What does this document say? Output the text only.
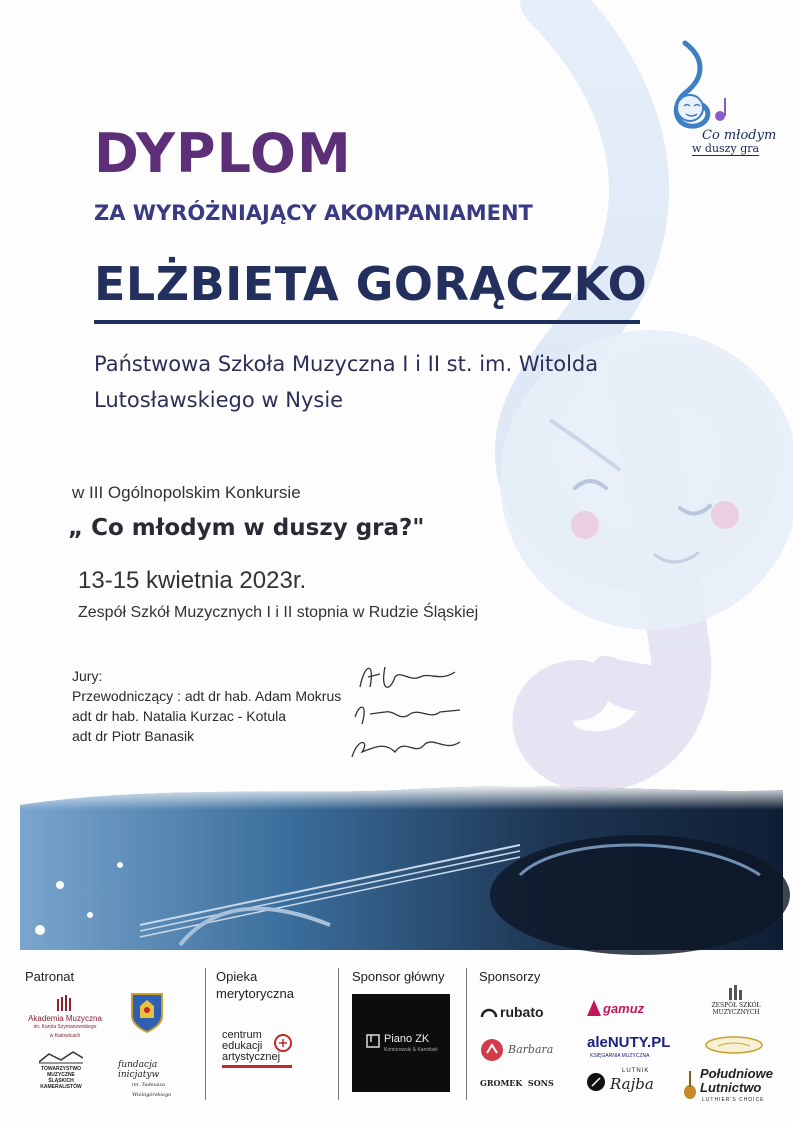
Co młodym
w duszy gra
DYPLOM
ZA WYRÓŻNIAJĄCY AKOMPANIAMENT
ELŻBIETA GORĄCZKO
Państwowa Szkoła Muzyczna I i II st. im. Witolda
Lutosławskiego w Nysie
w III Ogólnopolskim Konkursie
„ Co młodym w duszy gra?"
13-15 kwietnia 2023r.
Zespół Szkół Muzycznych I i II stopnia w Rudzie Śląskiej
Jury:
Przewodniczący : adt dr hab. Adam Mokrus
adt dr hab. Natalia Kurzac - Kotula
adt dr Piotr Banasik
Patronat	Opieka
merytoryczna
Sponsor główny	Sponsorzy
Akademia Muzyczna
im. Karola Szymanowskiego
w Katowicach
TOWARZYSTWO
MUZYCZNE
ŚLĄSKICH
KAMERALISTÓW
fundacja
inicjatyw
im. Tadeusza Wielogórskiego
centrum
edukacji
artystycznej
Piano ZK
Komorowski & Kamiński
rubato
Barbara
GROMEK  SONS
gamuz
aleNUTY.PL
KSIĘGARNIA MUZYCZNA
LUTNIK
Rajba
ZESPÓŁ SZKÓŁ
MUZYCZNYCH
Południowe
Lutnictwo
LUTHIER'S CHOICE
